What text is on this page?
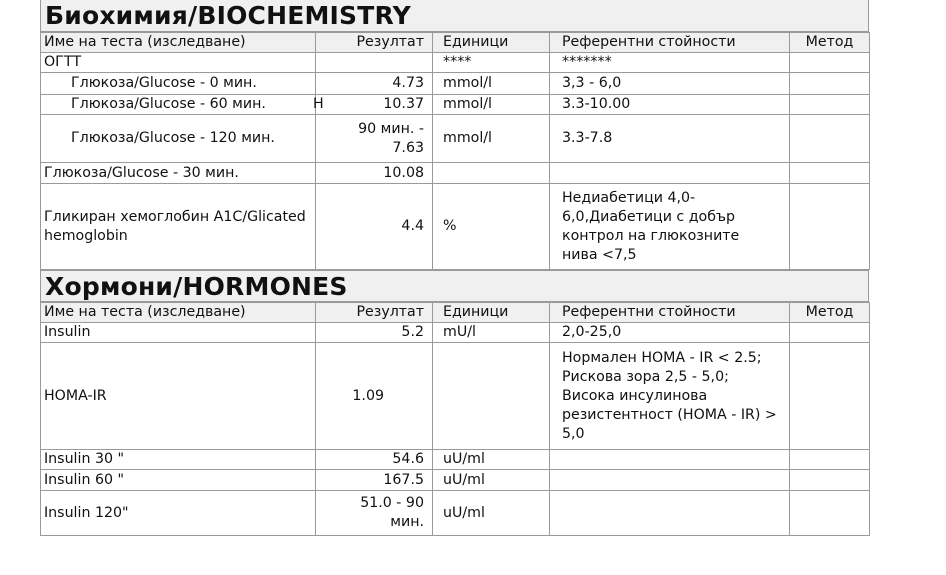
Биохимия/BIOCHEMISTRY
Име на теста (изследване)	Резултат	Единици	Референтни стойности	Метод
ОГТТ		****	*******	
Глюкоза/Glucose - 0 мин.	4.73	mmol/l	3,3 - 6,0	
Глюкоза/Glucose - 60 мин. H	10.37	mmol/l	3.3-10.00	
Глюкоза/Glucose - 120 мин.	90 мин. - 7.63	mmol/l	3.3-7.8	
Глюкоза/Glucose - 30 мин.	10.08			
Гликиран хемоглобин A1C/Glicated hemoglobin	4.4	%	Недиабетици 4,0-6,0,Диабетици с добър контрол на глюкозните нива <7,5	
Хормони/HORMONES
Име на теста (изследване)	Резултат	Единици	Референтни стойности	Метод
Insulin	5.2	mU/l	2,0-25,0	
HOMA-IR	1.09		Нормален HOMA - IR < 2.5; Рискова зора 2,5 - 5,0; Висока инсулинова резистентност (HOMA - IR) > 5,0	
Insulin 30 "	54.6	uU/ml		
Insulin 60 "	167.5	uU/ml		
Insulin 120"	51.0 - 90 мин.	uU/ml		
